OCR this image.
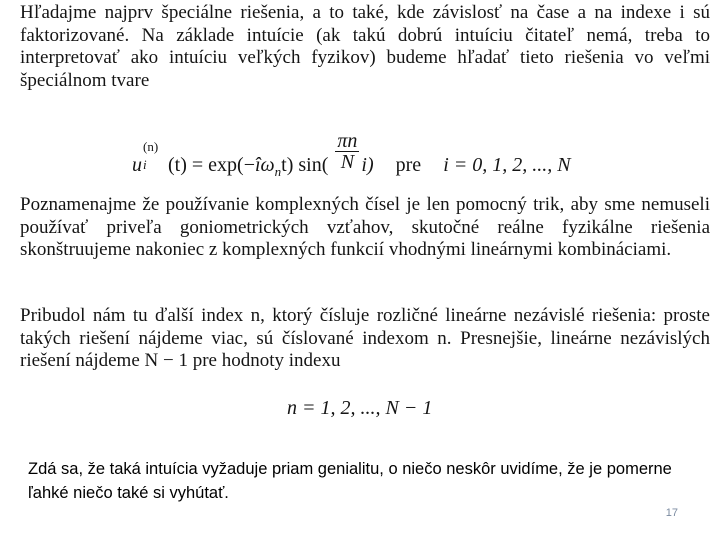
Hľadajme najprv špeciálne riešenia, a to také, kde závislosť na čase a na indexe i sú faktorizované. Na základe intuície (ak takú dobrú intuíciu čitateľ nemá, treba to interpretovať ako intuíciu veľkých fyzikov) budeme hľadať tieto riešenia vo veľmi špeciálnom tvare
u
(n)
i $(t) = \exp(-î\omega_nt)$ $\sin( \frac{\pi n}{N} i)$ pre i = 0, 1, 2, ..., N
Poznamenajme že používanie komplexných čísel je len pomocný trik, aby sme nemuseli používať priveľa goniometrických vzťahov, skutočné reálne fyzikálne riešenia skonštruujeme nakoniec z komplexných funkcií vhodnými lineárnymi kombináciami.
Pribudol nám tu ďalší index n, ktorý čísluje rozličné lineárne nezávislé riešenia: proste takých riešení nájdeme viac, sú číslované indexom n. Presnejšie, lineárne nezávislých riešení nájdeme N − 1 pre hodnoty indexu
n = 1, 2, ..., N − 1
Zdá sa, že taká intuícia vyžaduje priam genialitu, o niečo neskôr uvidíme, že je pomerne ľahké niečo také si vyhútať.
17
